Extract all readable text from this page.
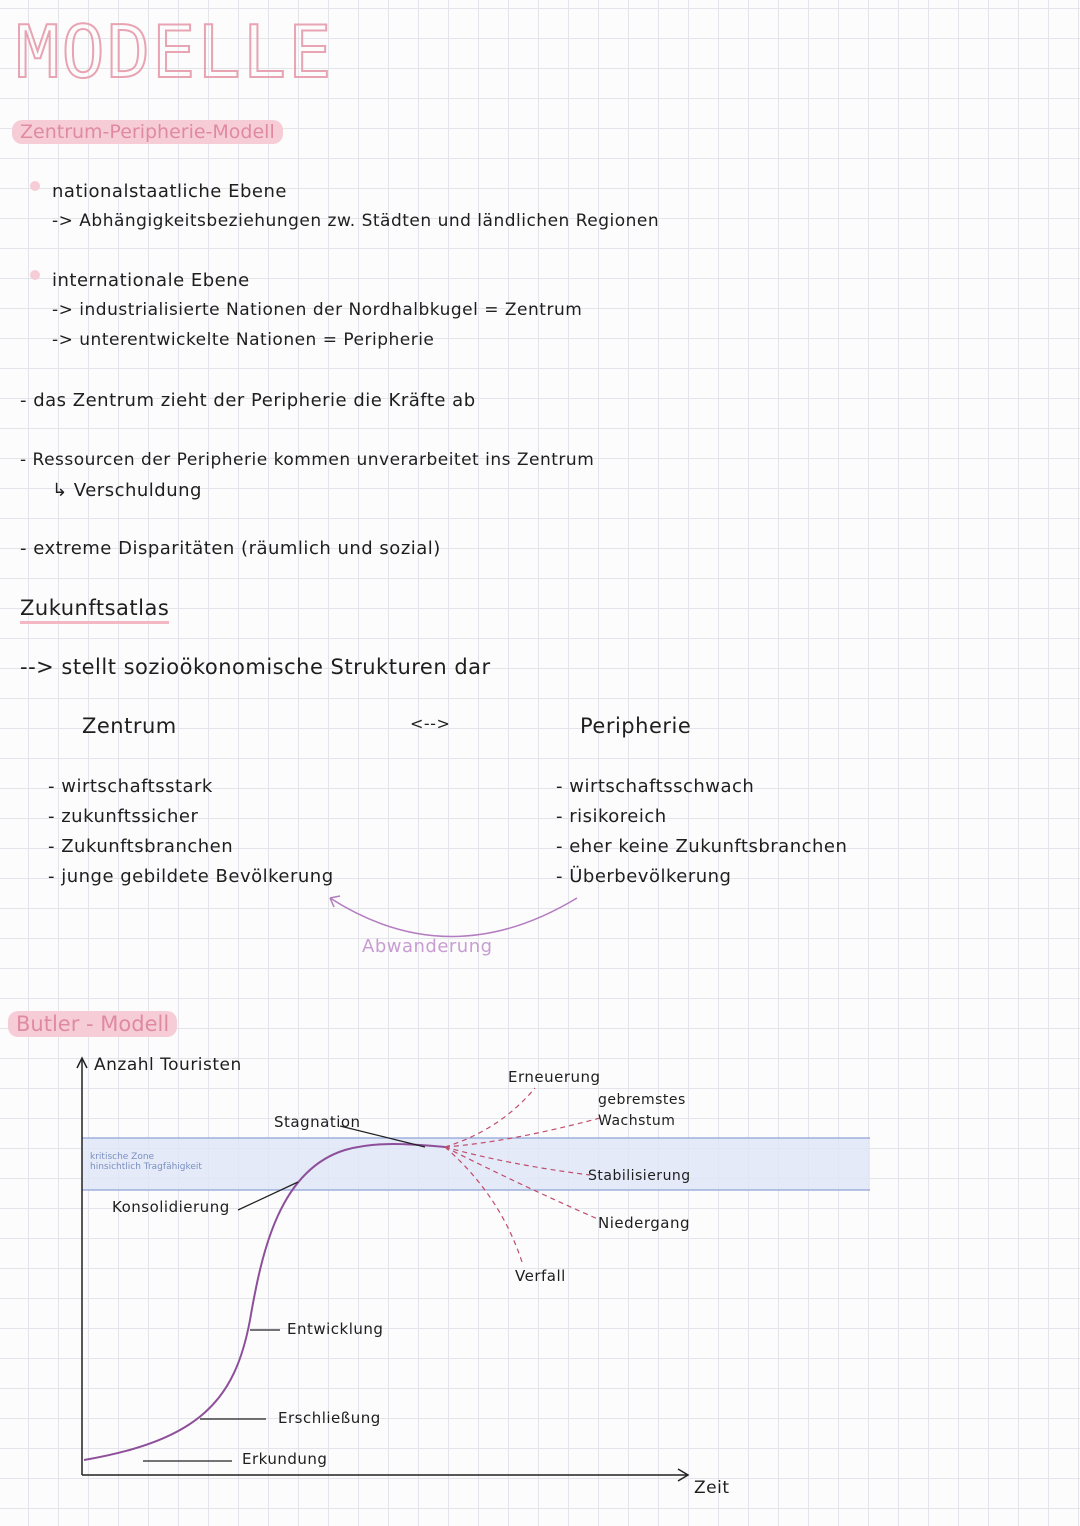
MODELLE
Zentrum-Peripherie-Modell
nationalstaatliche Ebene
-> Abhängigkeitsbeziehungen zw. Städten und ländlichen Regionen
internationale Ebene
-> industrialisierte Nationen der Nordhalbkugel = Zentrum
-> unterentwickelte Nationen = Peripherie
- das Zentrum zieht der Peripherie die Kräfte ab
- Ressourcen der Peripherie kommen unverarbeitet ins Zentrum
↳ Verschuldung
- extreme Disparitäten (räumlich und sozial)
Zukunftsatlas
--> stellt sozioökonomische Strukturen dar
Zentrum	<-->	Peripherie
- wirtschaftsstark
- zukunftssicher
- Zukunftsbranchen
- junge gebildete Bevölkerung
- wirtschaftsschwach
- risikoreich
- eher keine Zukunftsbranchen
- Überbevölkerung
Abwanderung
Butler - Modell
Anzahl Touristen
Zeit
kritische Zone
hinsichtlich Tragfähigkeit
Erkundung
Erschließung
Entwicklung
Konsolidierung
Stagnation
Erneuerung
gebremstes
Wachstum
Stabilisierung
Niedergang
Verfall
